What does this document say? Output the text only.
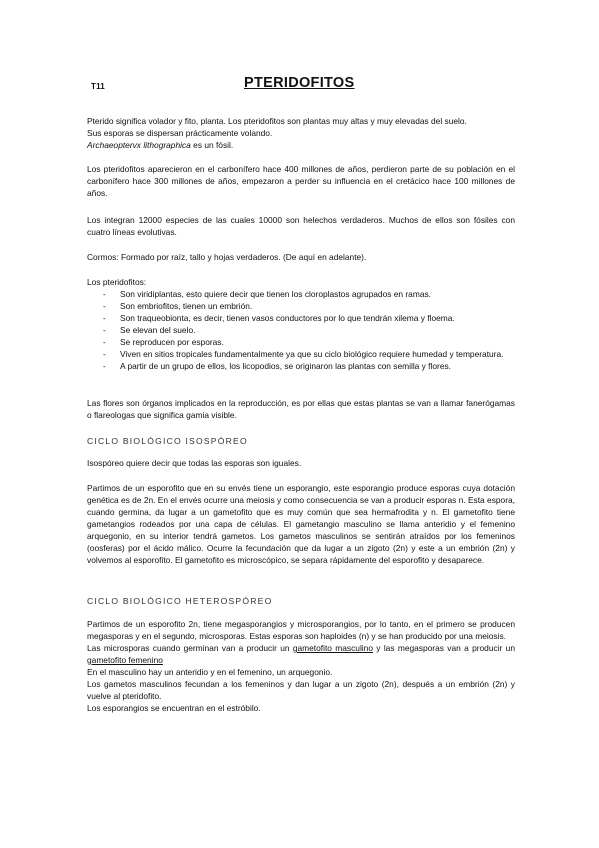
T11	PTERIDOFITOS

Pterido significa volador y fito, planta. Los pteridofitos son plantas muy altas y muy elevadas del suelo.

Sus esporas se dispersan prácticamente volando.

Archaeoptervx lithographica es un fósil.

Los pteridofitos aparecieron en el carbonífero hace 400 millones de años, perdieron parte de su población en el carbonífero hace 300 millones de años, empezaron a perder su influencia en el cretácico hace 100 millones de años.
Los integran 12000 especies de las cuales 10000 son helechos verdaderos. Muchos de ellos son fósiles con cuatro líneas evolutivas.
Cormos: Formado por raíz, tallo y hojas verdaderos. (De aquí en adelante).
Los pteridofitos:
- Son viridiplantas, esto quiere decir que tienen los cloroplastos agrupados en ramas.
- Son embriofitos, tienen un embrión.
- Son traqueobionta, es decir, tienen vasos conductores por lo que tendrán xilema y floema.
- Se elevan del suelo.
- Se reproducen por esporas.
- Viven en sitios tropicales fundamentalmente ya que su ciclo biológico requiere humedad y temperatura.
- A partir de un grupo de ellos, los licopodios, se originaron las plantas con semilla y flores.
Las flores son órganos implicados en la reproducción, es por ellas que estas plantas se van a llamar fanerógamas o flareologas que significa gamia visible.
CICLO BIOLÓGICO ISOSPÓREO
Isospóreo quiere decir que todas las esporas son iguales.
Partimos de un esporofito que en su envés tiene un esporangio, este esporangio produce esporas cuya dotación genética es de 2n. En el envés ocurre una meiosis y como consecuencia se van a producir esporas n. Esta espora, cuando germina, da lugar a un gametofito que es muy común que sea hermafrodita y n. El gametofito tiene gametangios rodeados por una capa de células. El gametangio masculino se llama anteridio y el femenino arquegonio, en su interior tendrá gametos. Los gametos masculinos se sentirán atraídos por los femeninos (oosferas) por el ácido málico. Ocurre la fecundación que da lugar a un zigoto (2n) y este a un embrión (2n) y volvemos al esporofito. El gametofito es microscópico, se separa rápidamente del esporofito y desaparece.
CICLO BIOLÓGICO HETEROSPÓREO

Partimos de un esporofito 2n, tiene megasporangios y microsporangios, por lo tanto, en el primero se producen megasporas y en el segundo, microsporas. Estas esporas son haploides (n) y se han producido por una meiosis.

Las microsporas cuando germinan van a producir un gametofito masculino y las megasporas van a producir un gametofito femenino

En el masculino hay un anteridio y en el femenino, un arquegonio.

Los gametos masculinos fecundan a los femeninos y dan lugar a un zigoto (2n), después a un embrión (2n) y vuelve al pteridofito.

Los esporangios se encuentran en el estróbilo.
